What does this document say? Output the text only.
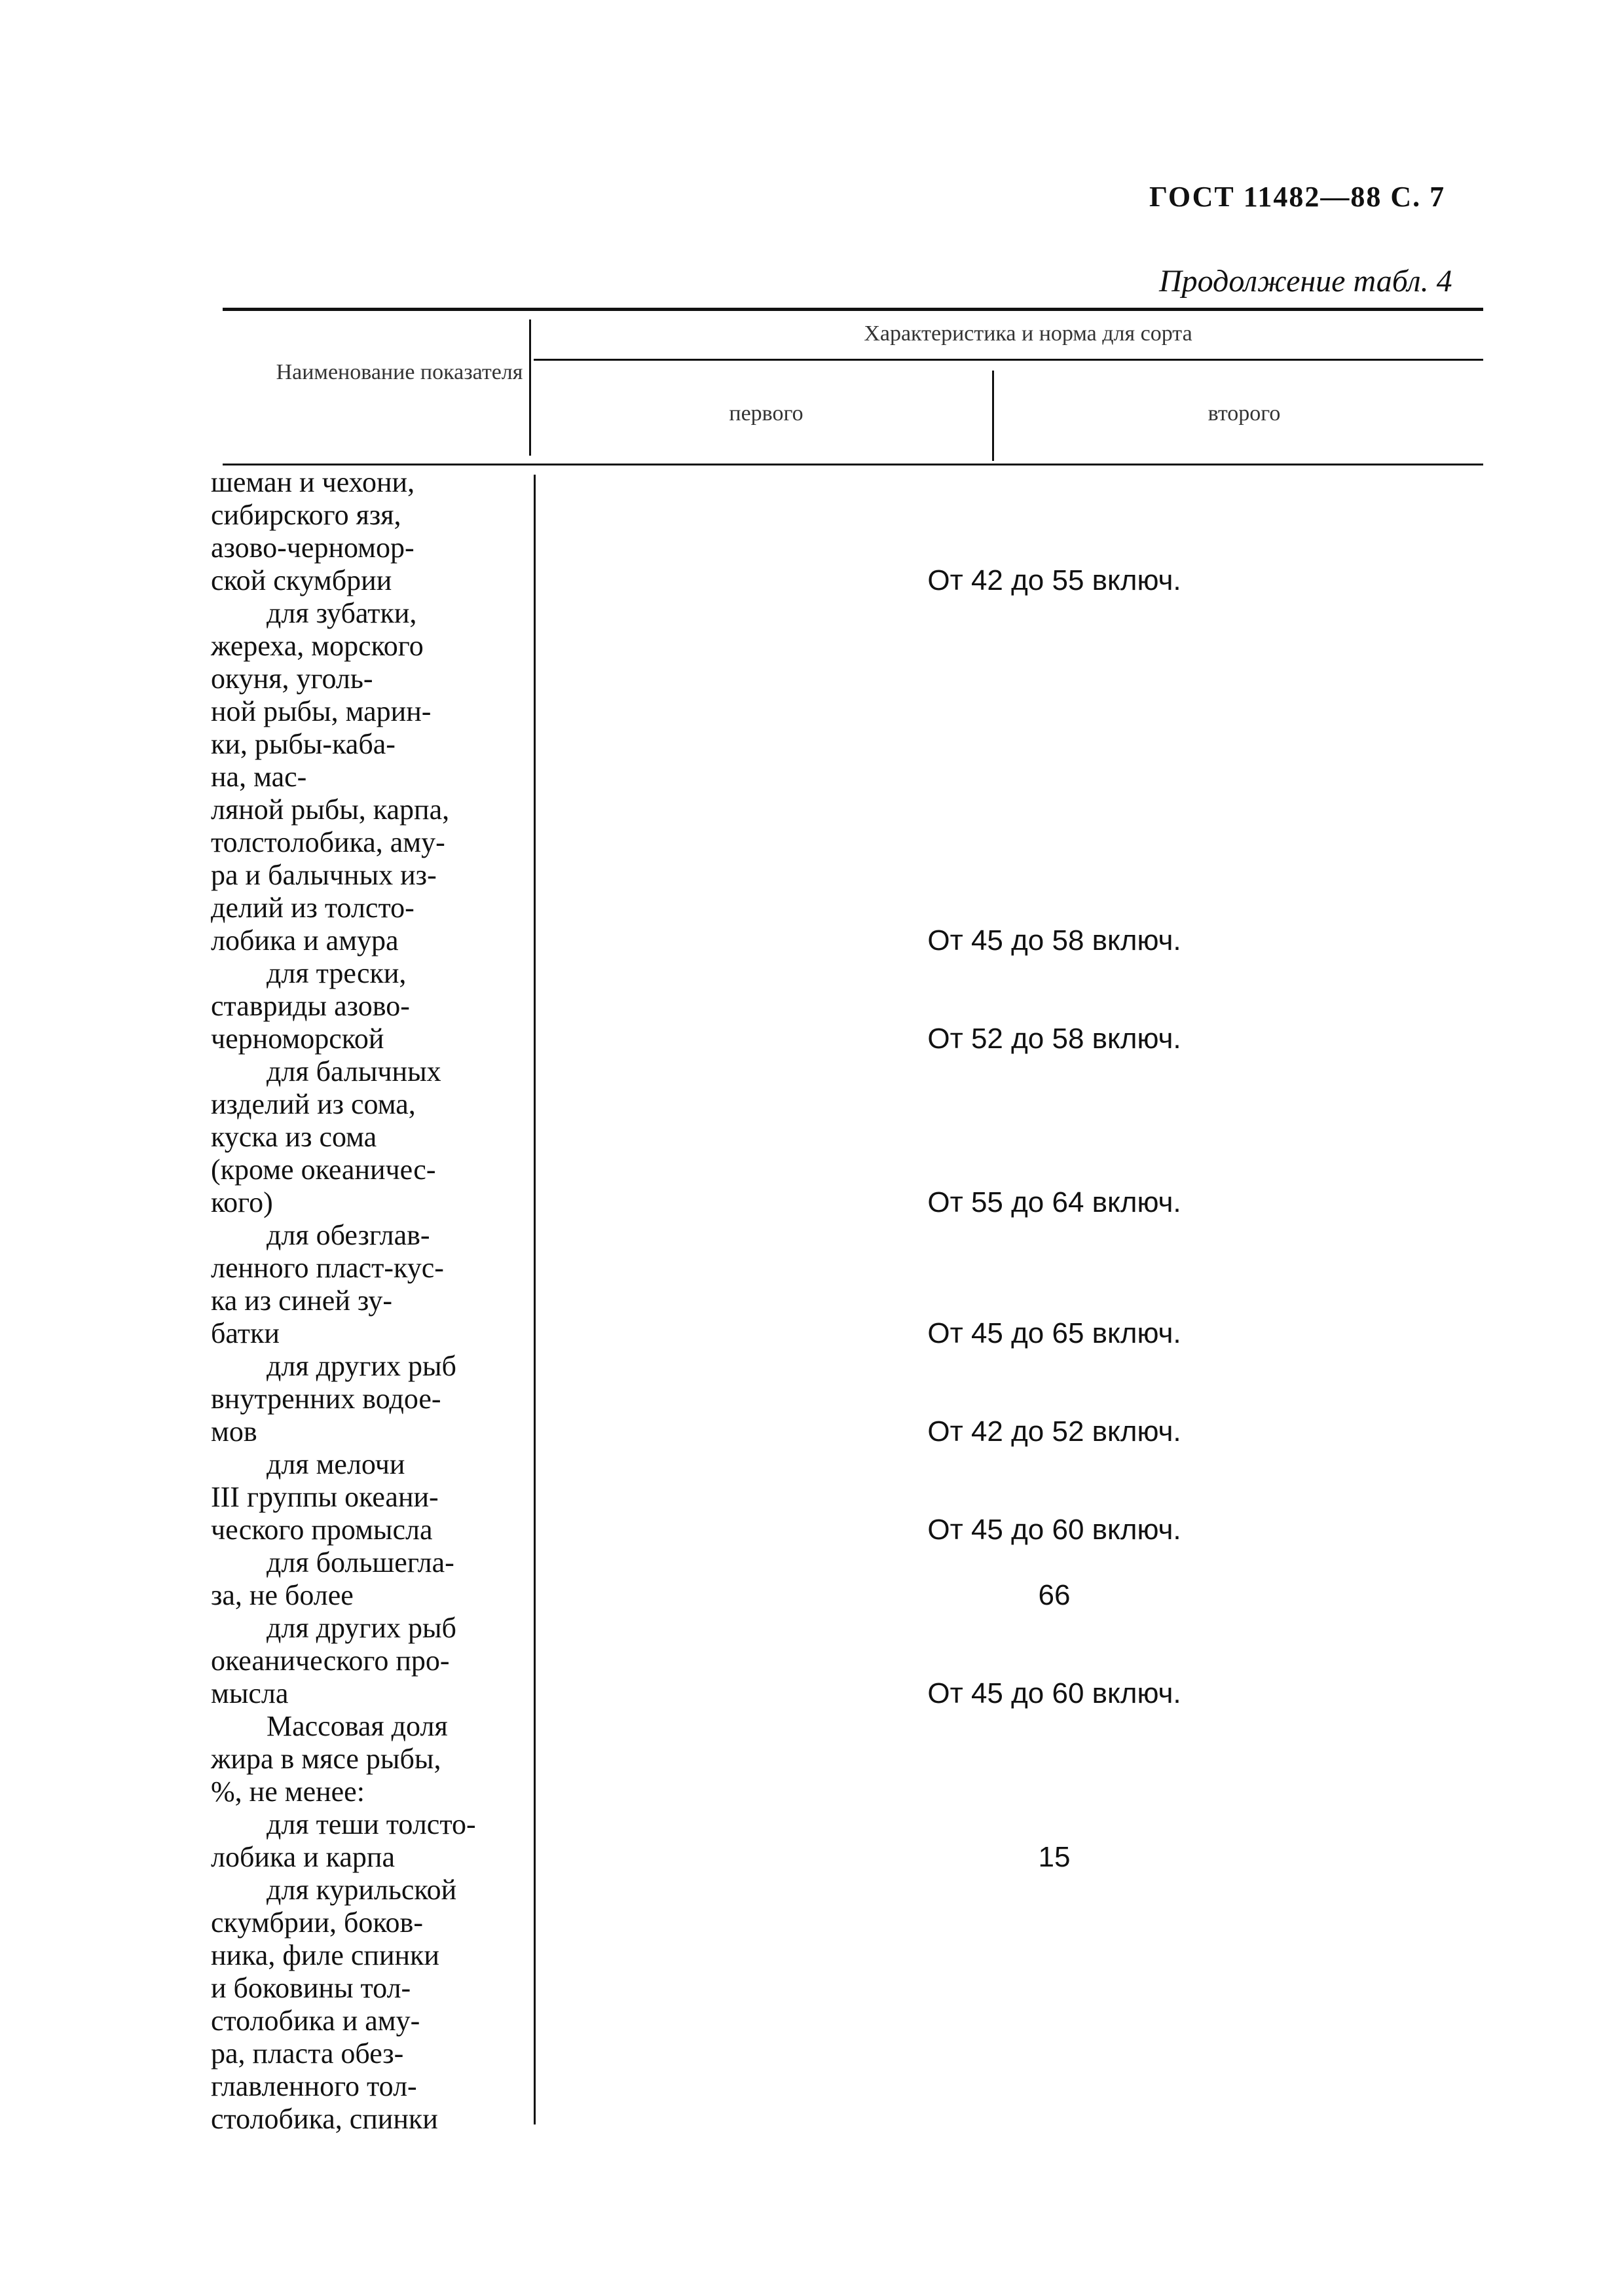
ГОСТ 11482—88 С. 7
Продолжение табл. 4
Наименование показателя
Характеристика и норма для сорта
первого	второго
шеман и чехони,
сибирского язя,
азово-черномор-
ской скумбрии
для зубатки,
жереха, морского
окуня, уголь-
ной рыбы, марин-
ки, рыбы-каба-
на, мас-
ляной рыбы, карпа,
толстолобика, аму-
ра и балычных из-
делий из толсто-
лобика и амура
для трески,
ставриды азово-
черноморской
для балычных
изделий из сома,
куска из сома
(кроме океаничес-
кого)
для обезглав-
ленного пласт-кус-
ка из синей зу-
батки
для других рыб
внутренних водое-
мов
для мелочи
III группы океани-
ческого промысла
для большегла-
за, не более
для других рыб
океанического про-
мысла
Массовая доля
жира в мясе рыбы,
%, не менее:
для теши толсто-
лобика и карпа
для курильской
скумбрии, боков-
ника, филе спинки
и боковины тол-
столобика и аму-
ра, пласта обез-
главленного тол-
столобика, спинки
От 42 до 55 включ.
От 45 до 58 включ.
От 52 до 58 включ.
От 55 до 64 включ.
От 45 до 65 включ.
От 42 до 52 включ.
От 45 до 60 включ.
66
От 45 до 60 включ.
15
